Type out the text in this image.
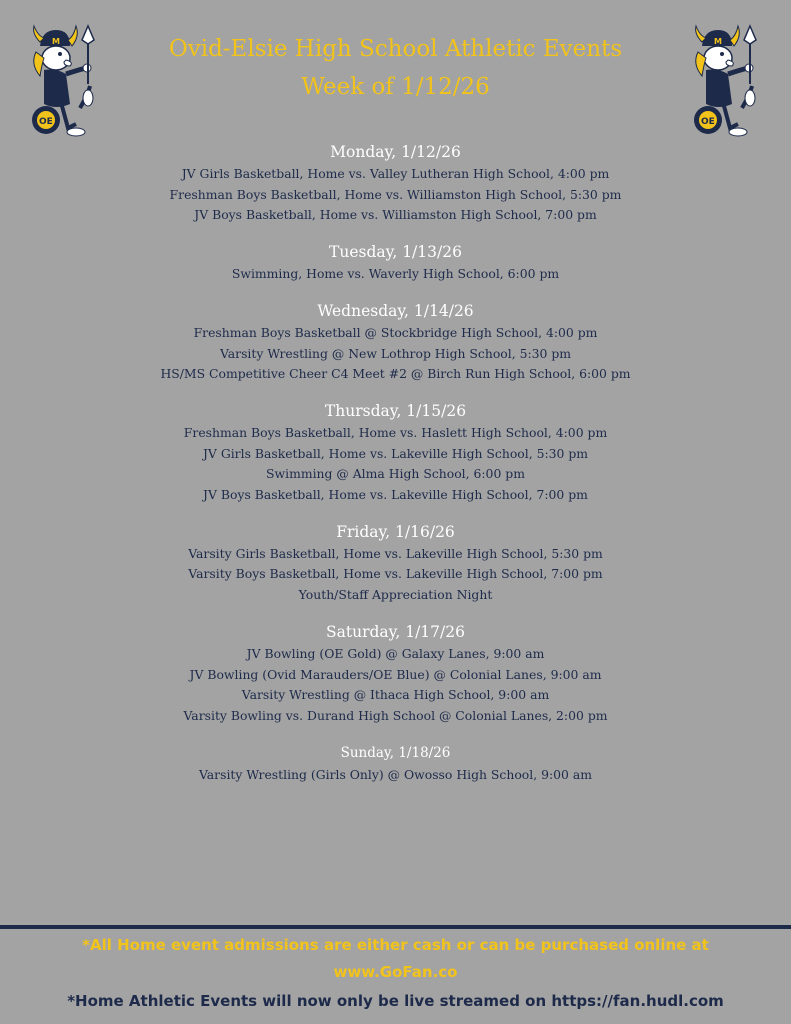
M
OE
M
OE
Ovid-Elsie High School Athletic Events
Week of 1/12/26
Monday, 1/12/26
JV Girls Basketball, Home vs. Valley Lutheran High School, 4:00 pm
Freshman Boys Basketball, Home vs. Williamston High School, 5:30 pm
JV Boys Basketball, Home vs. Williamston High School, 7:00 pm
Tuesday, 1/13/26
Swimming, Home vs. Waverly High School, 6:00 pm
Wednesday, 1/14/26
Freshman Boys Basketball @ Stockbridge High School, 4:00 pm
Varsity Wrestling @ New Lothrop High School, 5:30 pm
HS/MS Competitive Cheer C4 Meet #2 @ Birch Run High School, 6:00 pm
Thursday, 1/15/26
Freshman Boys Basketball, Home vs. Haslett High School, 4:00 pm
JV Girls Basketball, Home vs. Lakeville High School, 5:30 pm
Swimming @ Alma High School, 6:00 pm
JV Boys Basketball, Home vs. Lakeville High School, 7:00 pm
Friday, 1/16/26
Varsity Girls Basketball, Home vs. Lakeville High School, 5:30 pm
Varsity Boys Basketball, Home vs. Lakeville High School, 7:00 pm
Youth/Staff Appreciation Night
Saturday, 1/17/26
JV Bowling (OE Gold) @ Galaxy Lanes, 9:00 am
JV Bowling (Ovid Marauders/OE Blue) @ Colonial Lanes, 9:00 am
Varsity Wrestling @ Ithaca High School, 9:00 am
Varsity Bowling vs. Durand High School @ Colonial Lanes, 2:00 pm
Sunday, 1/18/26
Varsity Wrestling (Girls Only) @ Owosso High School, 9:00 am
*All Home event admissions are either cash or can be purchased online at www.GoFan.co
*Home Athletic Events will now only be live streamed on https://fan.hudl.com
